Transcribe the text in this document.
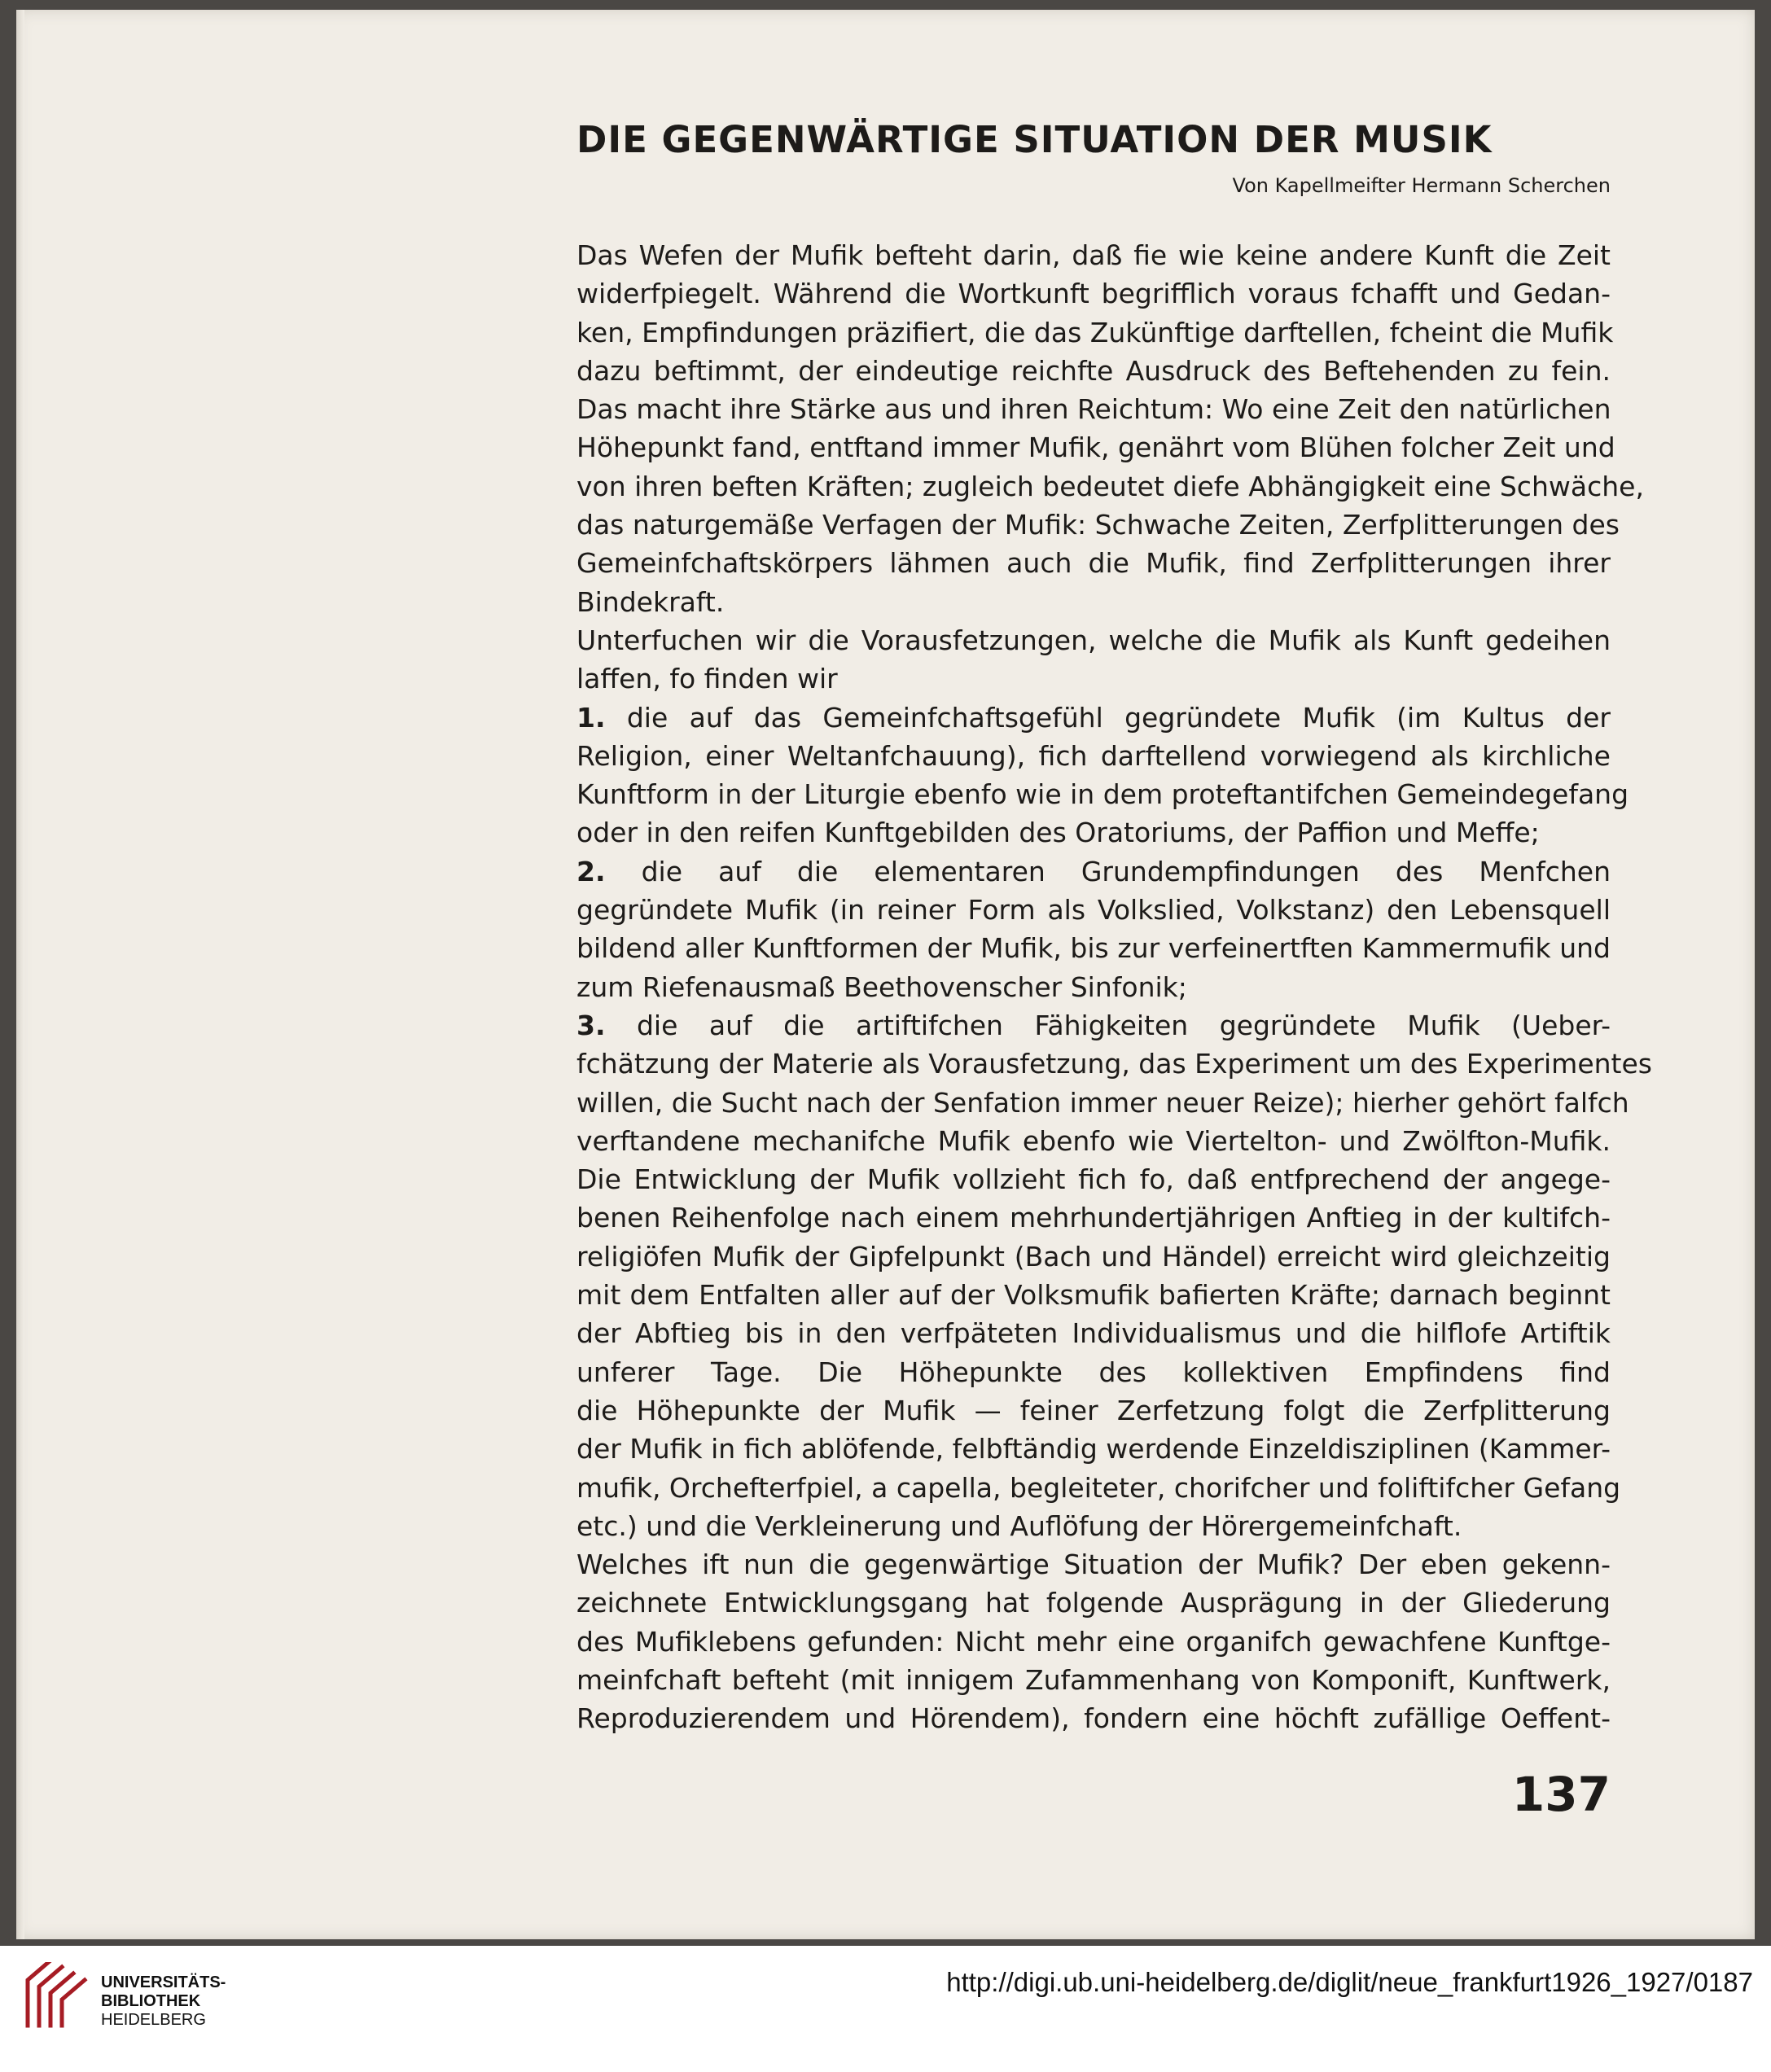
DIE GEGENWÄRTIGE SITUATION DER MUSIK
Von Kapellmeifter Hermann Scherchen
Das Wefen der Mufik befteht darin, daß fie wie keine andere Kunft die Zeit
widerfpiegelt. Während die Wortkunft begrifflich voraus fchafft und Gedan-
ken, Empfindungen präzifiert, die das Zukünftige darftellen, fcheint die Mufik
dazu beftimmt, der eindeutige reichfte Ausdruck des Beftehenden zu fein.
Das macht ihre Stärke aus und ihren Reichtum: Wo eine Zeit den natürlichen
Höhepunkt fand, entftand immer Mufik, genährt vom Blühen folcher Zeit und
von ihren beften Kräften; zugleich bedeutet diefe Abhängigkeit eine Schwäche,
das naturgemäße Verfagen der Mufik: Schwache Zeiten, Zerfplitterungen des
Gemeinfchaftskörpers lähmen auch die Mufik, find Zerfplitterungen ihrer
Bindekraft.
Unterfuchen wir die Vorausfetzungen, welche die Mufik als Kunft gedeihen
laffen, fo finden wir
1. die auf das Gemeinfchaftsgefühl gegründete Mufik (im Kultus der
Religion, einer Weltanfchauung), fich darftellend vorwiegend als kirchliche
Kunftform in der Liturgie ebenfo wie in dem proteftantifchen Gemeindegefang
oder in den reifen Kunftgebilden des Oratoriums, der Paffion und Meffe;
2. die auf die elementaren Grundempfindungen des Menfchen
gegründete Mufik (in reiner Form als Volkslied, Volkstanz) den Lebensquell
bildend aller Kunftformen der Mufik, bis zur verfeinertften Kammermufik und
zum Riefenausmaß Beethovenscher Sinfonik;
3. die auf die artiftifchen Fähigkeiten gegründete Mufik (Ueber-
fchätzung der Materie als Vorausfetzung, das Experiment um des Experimentes
willen, die Sucht nach der Senfation immer neuer Reize); hierher gehört falfch
verftandene mechanifche Mufik ebenfo wie Viertelton- und Zwölfton-Mufik.
Die Entwicklung der Mufik vollzieht fich fo, daß entfprechend der angege-
benen Reihenfolge nach einem mehrhundertjährigen Anftieg in der kultifch-
religiöfen Mufik der Gipfelpunkt (Bach und Händel) erreicht wird gleichzeitig
mit dem Entfalten aller auf der Volksmufik bafierten Kräfte; darnach beginnt
der Abftieg bis in den verfpäteten Individualismus und die hilflofe Artiftik
unferer Tage. Die Höhepunkte des kollektiven Empfindens find
die Höhepunkte der Mufik — feiner Zerfetzung folgt die Zerfplitterung
der Mufik in fich ablöfende, felbftändig werdende Einzeldisziplinen (Kammer-
mufik, Orchefterfpiel, a capella, begleiteter, chorifcher und foliftifcher Gefang
etc.) und die Verkleinerung und Auflöfung der Hörergemeinfchaft.
Welches ift nun die gegenwärtige Situation der Mufik? Der eben gekenn-
zeichnete Entwicklungsgang hat folgende Ausprägung in der Gliederung
des Mufiklebens gefunden: Nicht mehr eine organifch gewachfene Kunftge-
meinfchaft befteht (mit innigem Zufammenhang von Komponift, Kunftwerk,
Reproduzierendem und Hörendem), fondern eine höchft zufällige Oeffent-
137
UNIVERSITÄTS-
BIBLIOTHEK
HEIDELBERG
http://digi.ub.uni-heidelberg.de/diglit/neue_frankfurt1926_1927/0187
